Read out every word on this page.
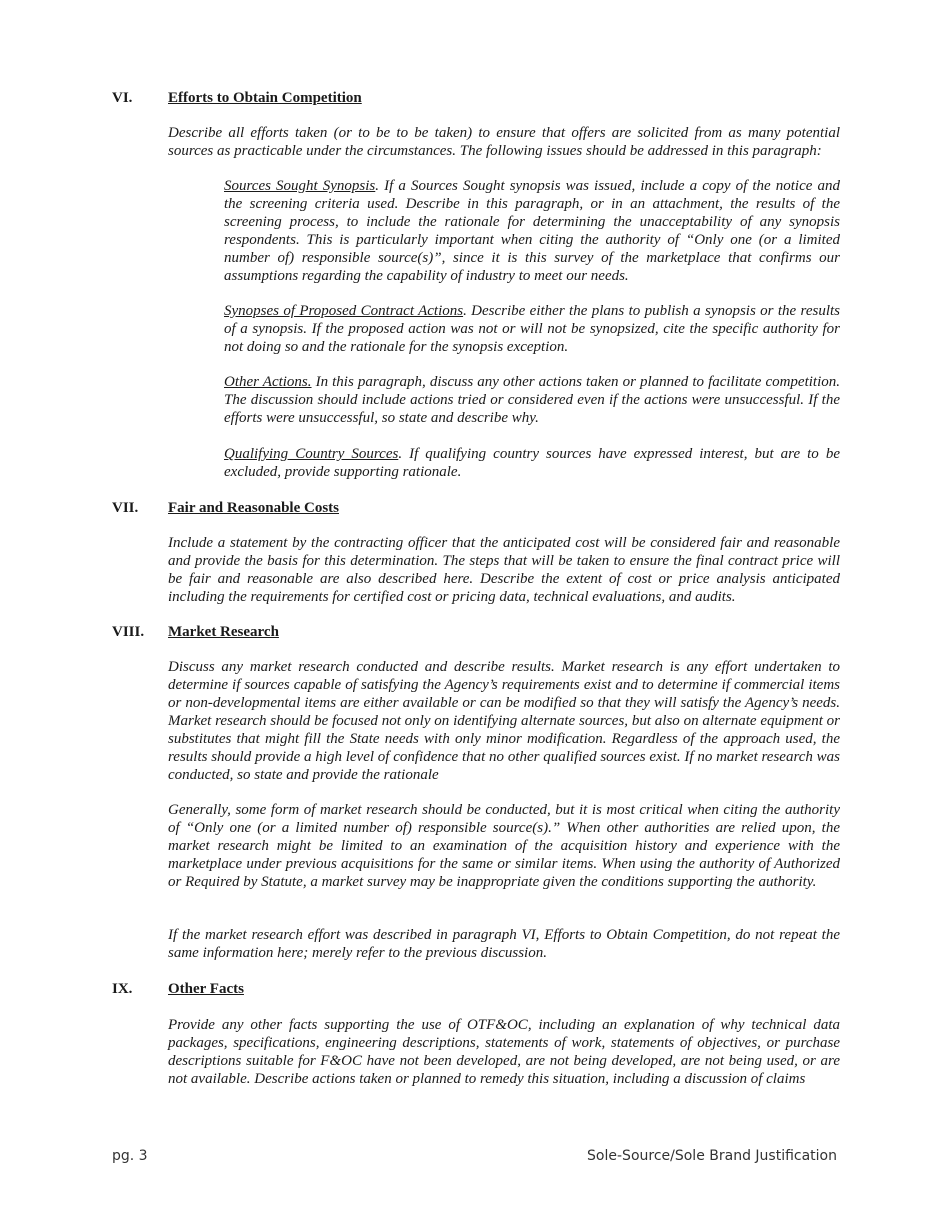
VI. Efforts to Obtain Competition
Describe all efforts taken (or to be to be taken) to ensure that offers are solicited from as many potential sources as practicable under the circumstances. The following issues should be addressed in this paragraph:
Sources Sought Synopsis. If a Sources Sought synopsis was issued, include a copy of the notice and the screening criteria used. Describe in this paragraph, or in an attachment, the results of the screening process, to include the rationale for determining the unacceptability of any synopsis respondents. This is particularly important when citing the authority of “Only one (or a limited number of) responsible source(s)”, since it is this survey of the marketplace that confirms our assumptions regarding the capability of industry to meet our needs.
Synopses of Proposed Contract Actions. Describe either the plans to publish a synopsis or the results of a synopsis. If the proposed action was not or will not be synopsized, cite the specific authority for not doing so and the rationale for the synopsis exception.
Other Actions. In this paragraph, discuss any other actions taken or planned to facilitate competition. The discussion should include actions tried or considered even if the actions were unsuccessful. If the efforts were unsuccessful, so state and describe why.
Qualifying Country Sources. If qualifying country sources have expressed interest, but are to be excluded, provide supporting rationale.
VII. Fair and Reasonable Costs
Include a statement by the contracting officer that the anticipated cost will be considered fair and reasonable and provide the basis for this determination. The steps that will be taken to ensure the final contract price will be fair and reasonable are also described here. Describe the extent of cost or price analysis anticipated including the requirements for certified cost or pricing data, technical evaluations, and audits.
VIII. Market Research
Discuss any market research conducted and describe results. Market research is any effort undertaken to determine if sources capable of satisfying the Agency’s requirements exist and to determine if commercial items or non-developmental items are either available or can be modified so that they will satisfy the Agency’s needs. Market research should be focused not only on identifying alternate sources, but also on alternate equipment or substitutes that might fill the State needs with only minor modification. Regardless of the approach used, the results should provide a high level of confidence that no other qualified sources exist. If no market research was conducted, so state and provide the rationale
Generally, some form of market research should be conducted, but it is most critical when citing the authority of “Only one (or a limited number of) responsible source(s).” When other authorities are relied upon, the market research might be limited to an examination of the acquisition history and experience with the marketplace under previous acquisitions for the same or similar items. When using the authority of Authorized or Required by Statute, a market survey may be inappropriate given the conditions supporting the authority.
If the market research effort was described in paragraph VI, Efforts to Obtain Competition, do not repeat the same information here; merely refer to the previous discussion.
IX. Other Facts
Provide any other facts supporting the use of OTF&OC, including an explanation of why technical data packages, specifications, engineering descriptions, statements of work, statements of objectives, or purchase descriptions suitable for F&OC have not been developed, are not being developed, are not being used, or are not available. Describe actions taken or planned to remedy this situation, including a discussion of claims
pg. 3	Sole-Source/Sole Brand Justification
